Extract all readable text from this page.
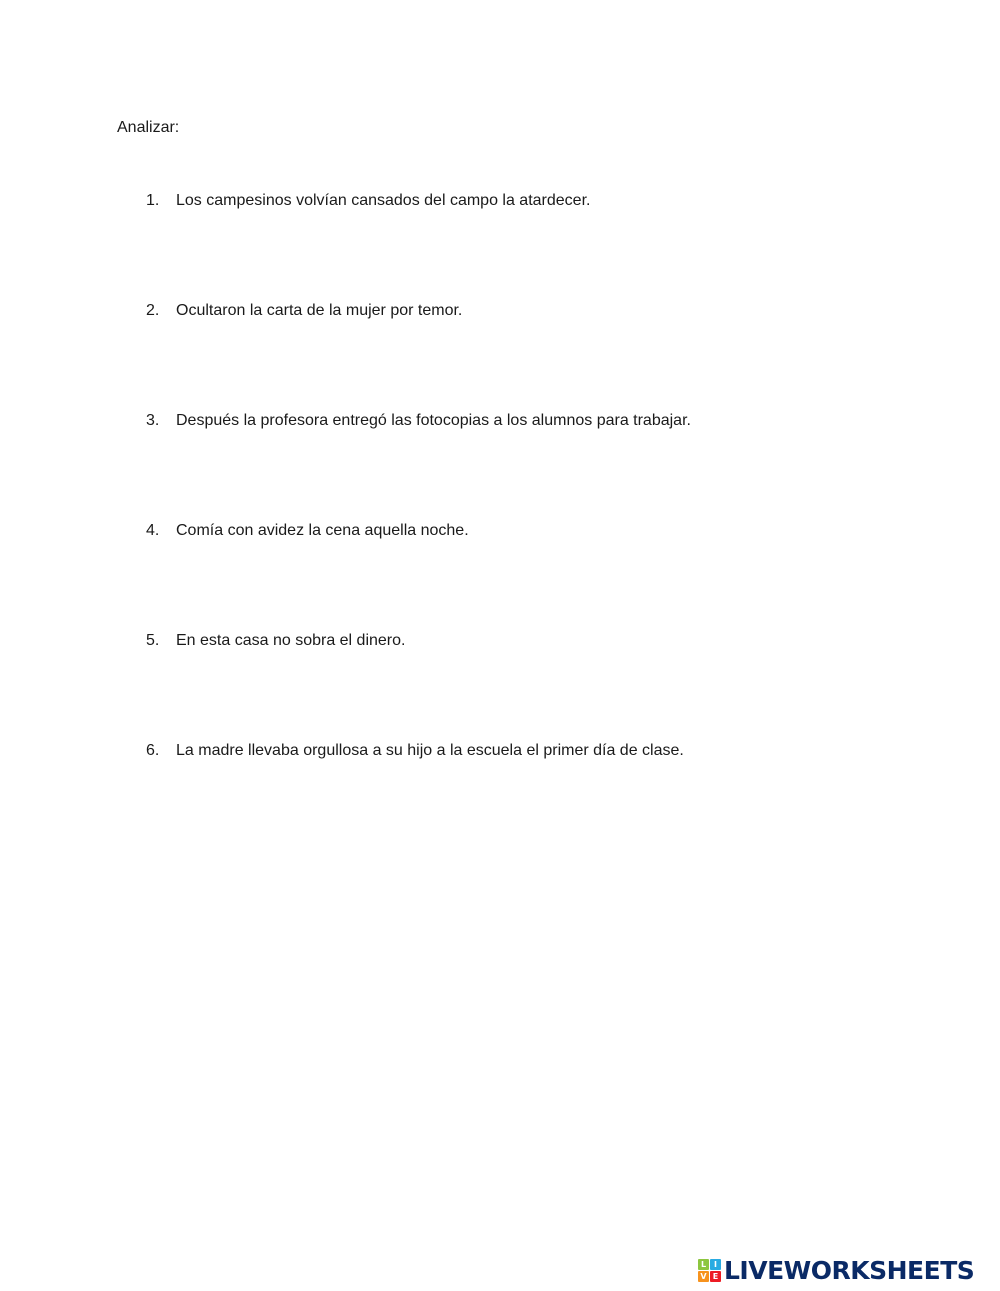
Analizar:
1. Los campesinos volvían cansados del campo la atardecer.
2. Ocultaron la carta de la mujer por temor.
3. Después la profesora entregó las fotocopias a los alumnos para trabajar.
4. Comía con avidez la cena aquella noche.
5. En esta casa no sobra el dinero.
6. La madre llevaba orgullosa a su hijo a la escuela el primer día de clase.
L I
V E LIVEWORKSHEETS
